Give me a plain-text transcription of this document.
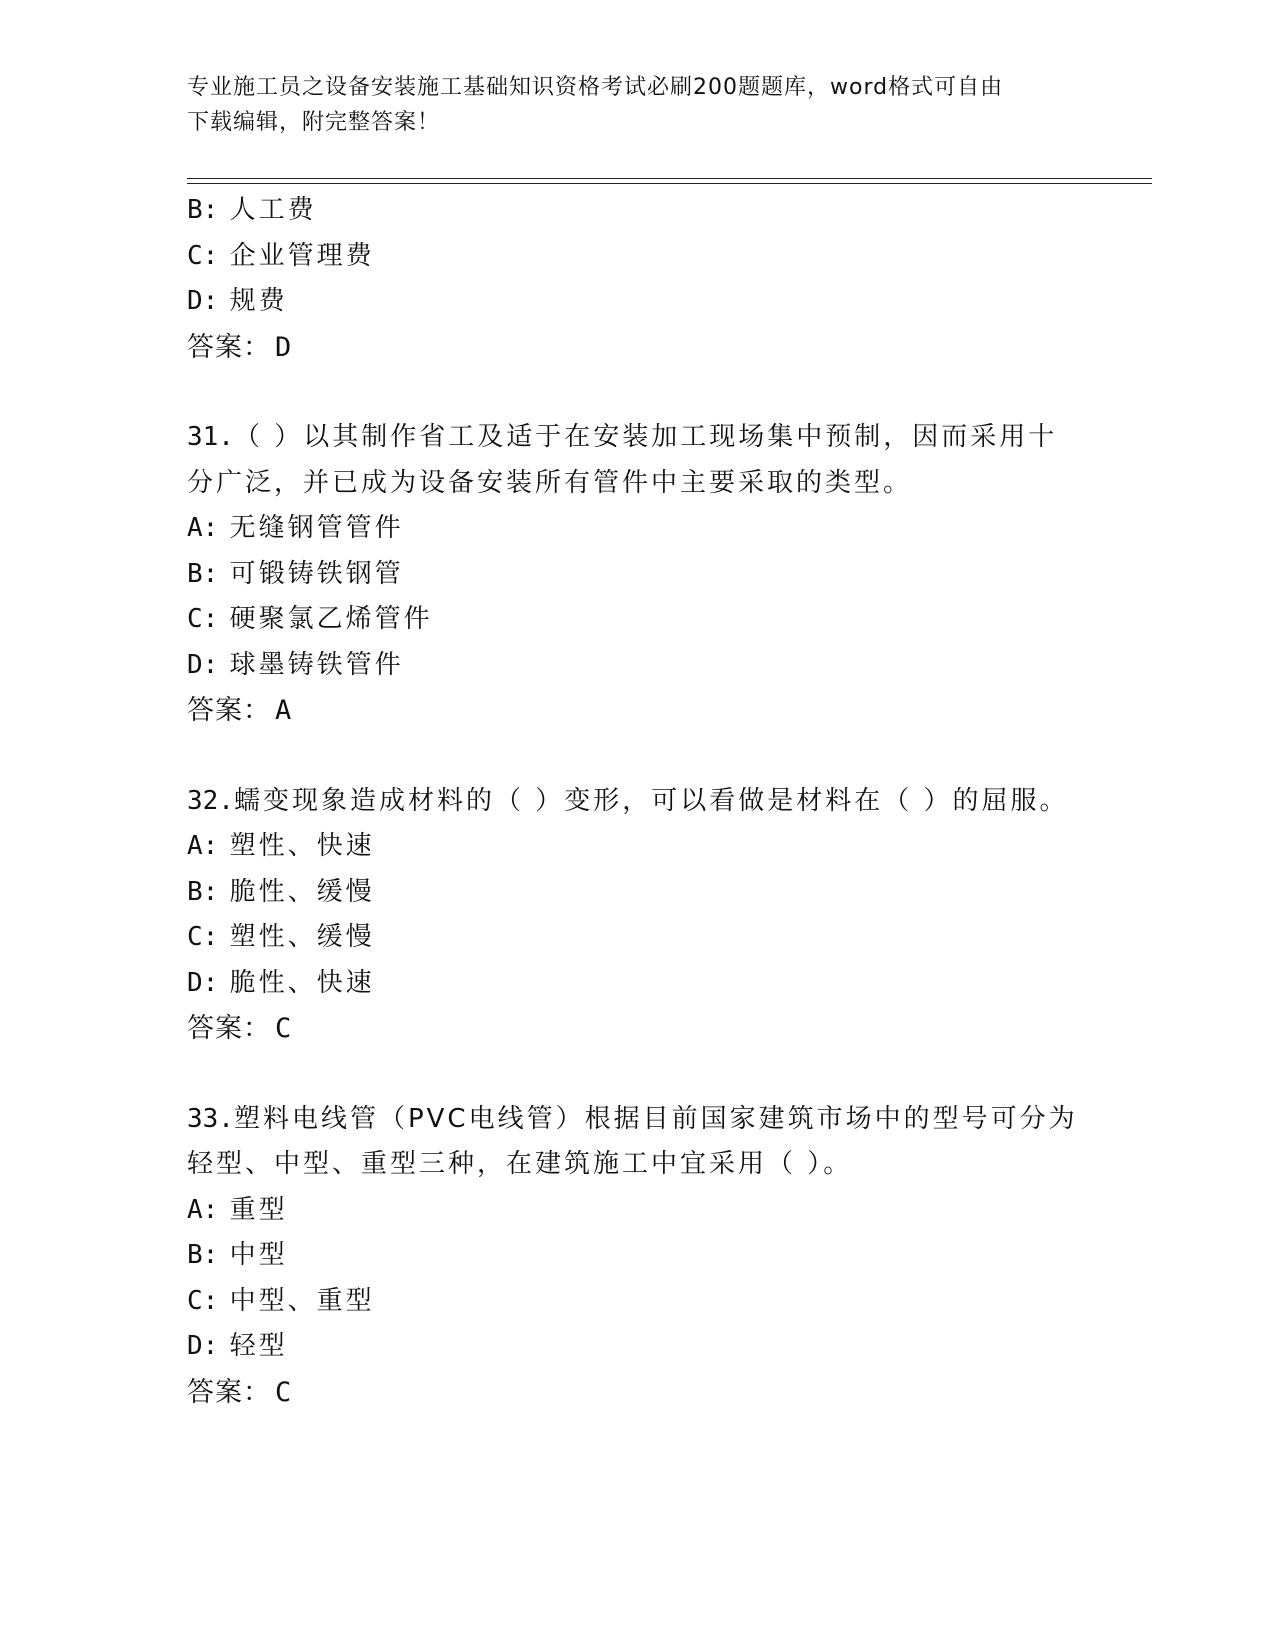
专业施工员之设备安装施工基础知识资格考试必刷200题题库，word格式可自由
下载编辑，附完整答案！
B: 人工费
C: 企业管理费
D: 规费
答案： D
31.（ ）以其制作省工及适于在安装加工现场集中预制，因而采用十
分广泛，并已成为设备安装所有管件中主要采取的类型。
A: 无缝钢管管件
B: 可锻铸铁钢管
C: 硬聚氯乙烯管件
D: 球墨铸铁管件
答案： A
32.蠕变现象造成材料的（ ）变形，可以看做是材料在（ ）的屈服。
A: 塑性、快速
B: 脆性、缓慢
C: 塑性、缓慢
D: 脆性、快速
答案： C
33.塑料电线管（PVC电线管）根据目前国家建筑市场中的型号可分为
轻型、中型、重型三种，在建筑施工中宜采用（ ）。
A: 重型
B: 中型
C: 中型、重型
D: 轻型
答案： C
